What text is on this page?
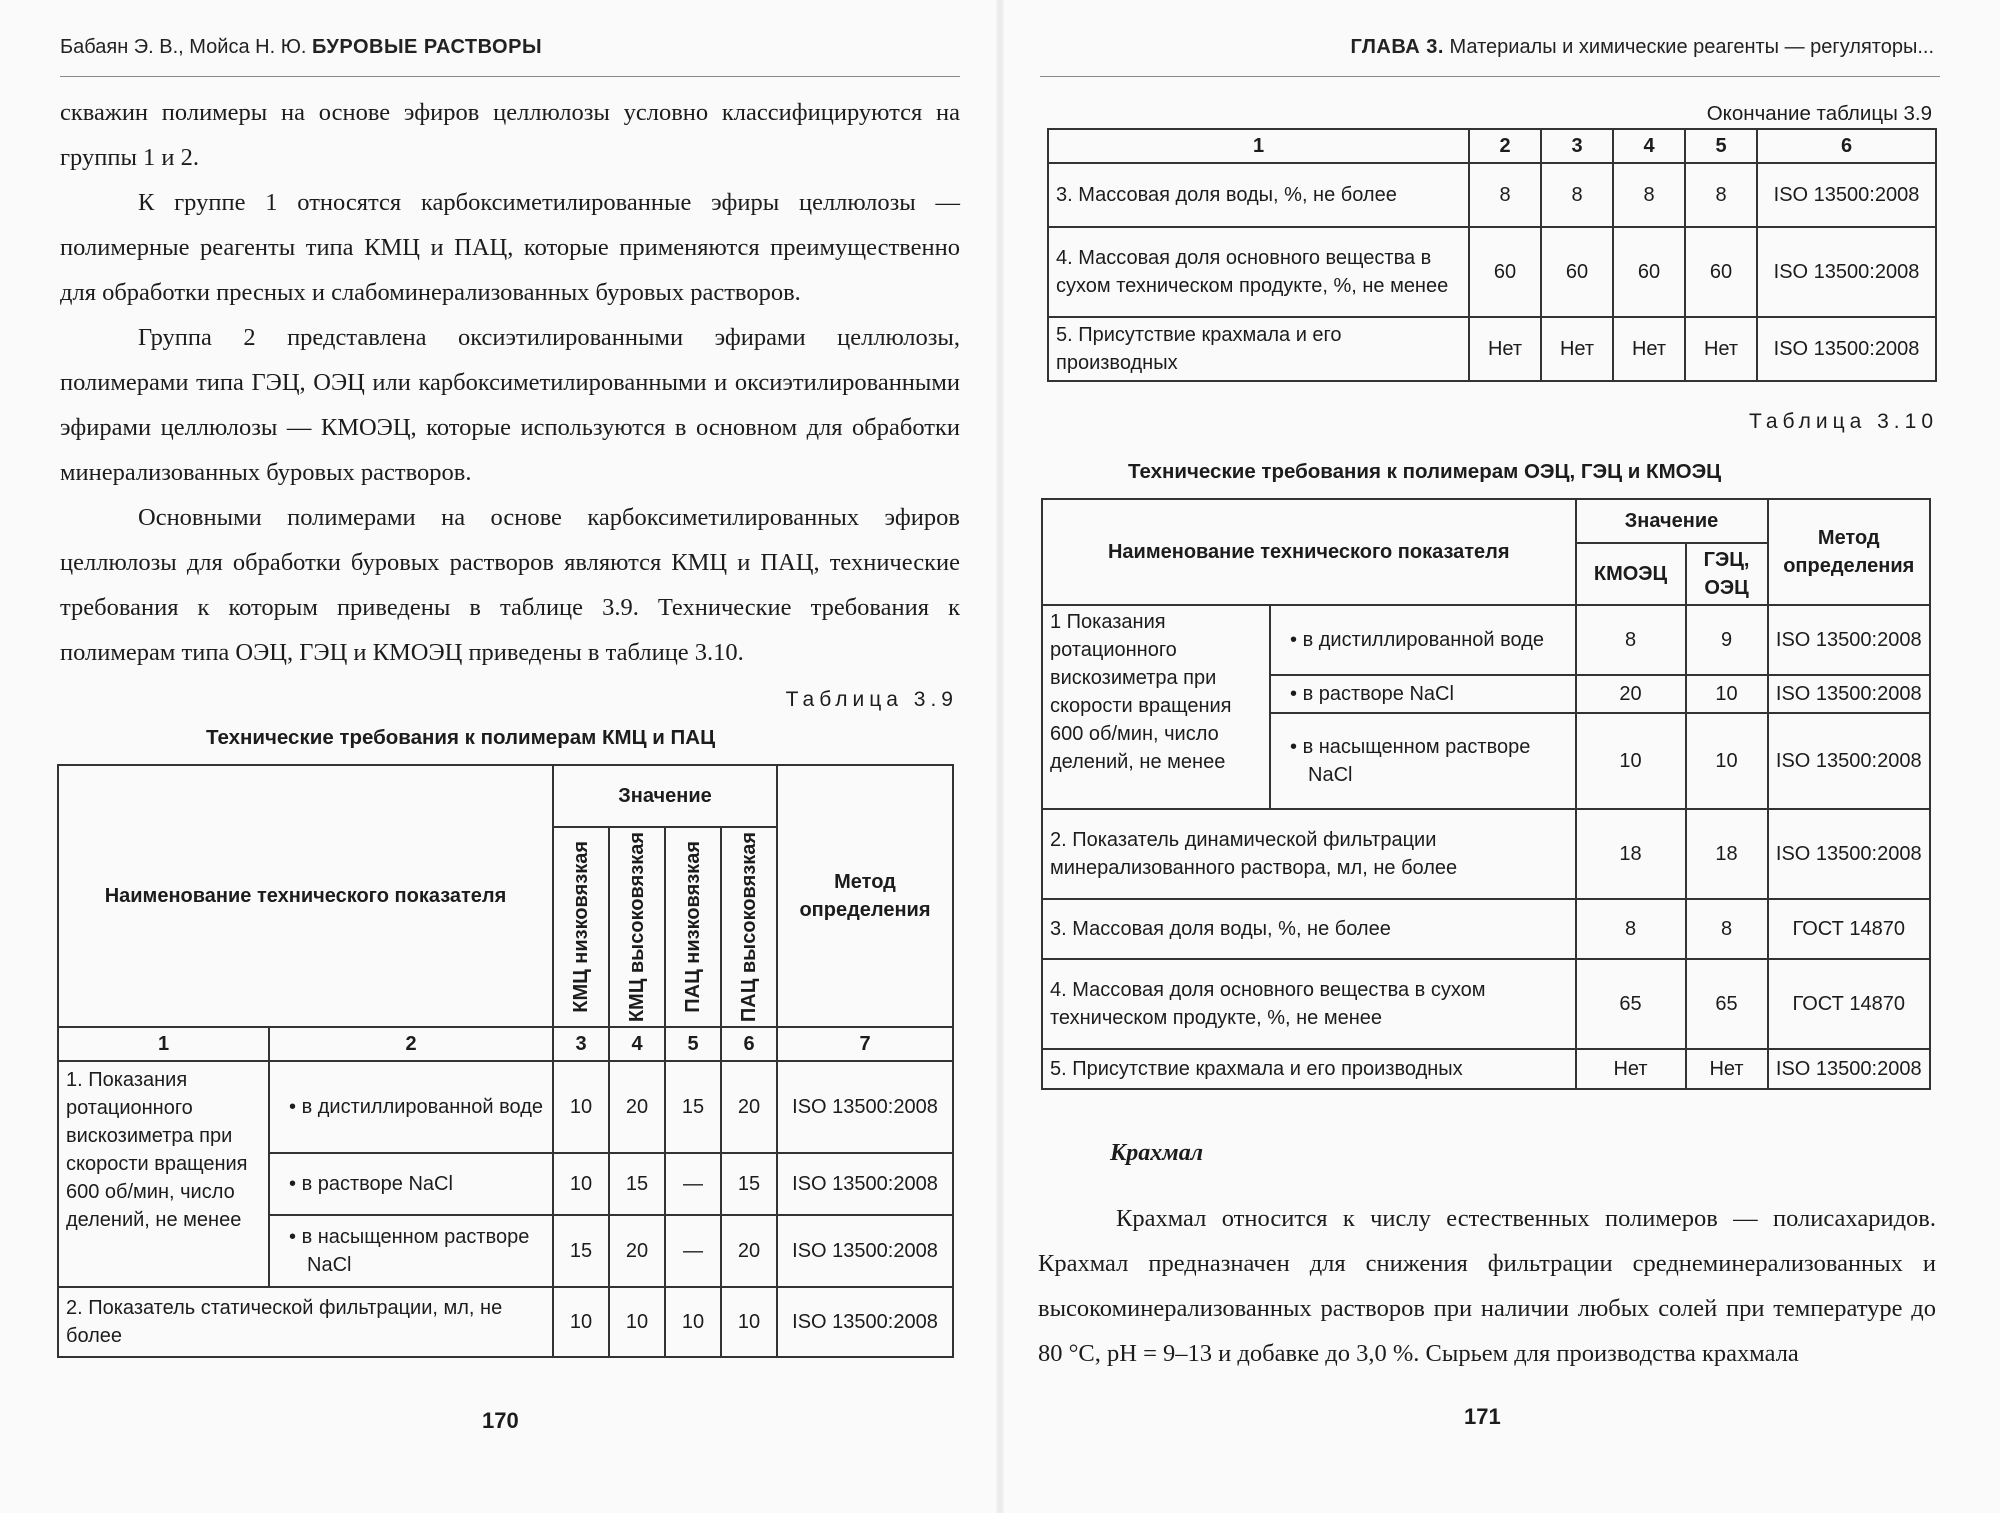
Бабаян Э. В., Мойса Н. Ю. БУРОВЫЕ РАСТВОРЫ

скважин полимеры на основе эфиров целлюлозы условно классифицируются на группы 1 и 2.

К группе 1 относятся карбоксиметилированные эфиры целлюлозы — полимерные реагенты типа КМЦ и ПАЦ, которые применяются преимущественно для обработки пресных и слабоминерализованных буровых растворов.

Группа 2 представлена оксиэтилированными эфирами целлюлозы, полимерами типа ГЭЦ, ОЭЦ или карбоксиметилированными и оксиэтилированными эфирами целлюлозы — КМОЭЦ, которые используются в основном для обработки минерализованных буровых растворов.

Основными полимерами на основе карбоксиметилированных эфиров целлюлозы для обработки буровых растворов являются КМЦ и ПАЦ, технические требования к которым приведены в таблице 3.9. Технические требования к полимерам типа ОЭЦ, ГЭЦ и КМОЭЦ приведены в таблице 3.10.

Таблица 3.9
Технические требования к полимерам КМЦ и ПАЦ
Наименование технического показателя		Значение				Метод определения

		КМЦ низковязкая	КМЦ высоковязкая	ПАЦ низковязкая	ПАЦ высоковязкая	

1	2	3	4	5	6	7
1. Показания ротационного вискозиметра при скорости вращения 600 об/мин, число делений, не менее	• в дистиллированной воде	10	20	15	20	ISO 13500:2008

	• в растворе NaCl	10	15	—	15	ISO 13500:2008

	• в насыщенном растворе NaCl	15	20	—	20	ISO 13500:2008
2. Показатель статической фильтрации, мл, не более		10	10	10	10	ISO 13500:2008
170
ГЛАВА 3. Материалы и химические реагенты — регуляторы...
Окончание таблицы 3.9
1	2	3	4	5	6
3. Массовая доля воды, %, не более	8	8	8	8	ISO 13500:2008
4. Массовая доля основного вещества в сухом техническом продукте, %, не менее	60	60	60	60	ISO 13500:2008
5. Присутствие крахмала и его производных	Нет	Нет	Нет	Нет	ISO 13500:2008
Таблица 3.10
Технические требования к полимерам ОЭЦ, ГЭЦ и КМОЭЦ
Наименование технического показателя		Значение		Метод определения
		КМОЭЦ	ГЭЦ, ОЭЦ	
1 Показания ротационного вискозиметра при скорости вращения 600 об/мин, число делений, не менее	• в дистиллированной воде	8	9	ISO 13500:2008

	• в растворе NaCl	20	10	ISO 13500:2008

	• в насыщенном растворе NaCl	10	10	ISO 13500:2008
2. Показатель динамической фильтрации минерализованного раствора, мл, не более		18	18	ISO 13500:2008
3. Массовая доля воды, %, не более		8	8	ГОСТ 14870
4. Массовая доля основного вещества в сухом техническом продукте, %, не менее		65	65	ГОСТ 14870
5. Присутствие крахмала и его производных		Нет	Нет	ISO 13500:2008
Крахмал

Крахмал относится к числу естественных полимеров — полисахаридов. Крахмал предназначен для снижения фильтрации среднеминерализованных и высокоминерализованных растворов при наличии любых солей при температуре до 80 °С, рН = 9–13 и добавке до 3,0 %. Сырьем для производства крахмала

171
